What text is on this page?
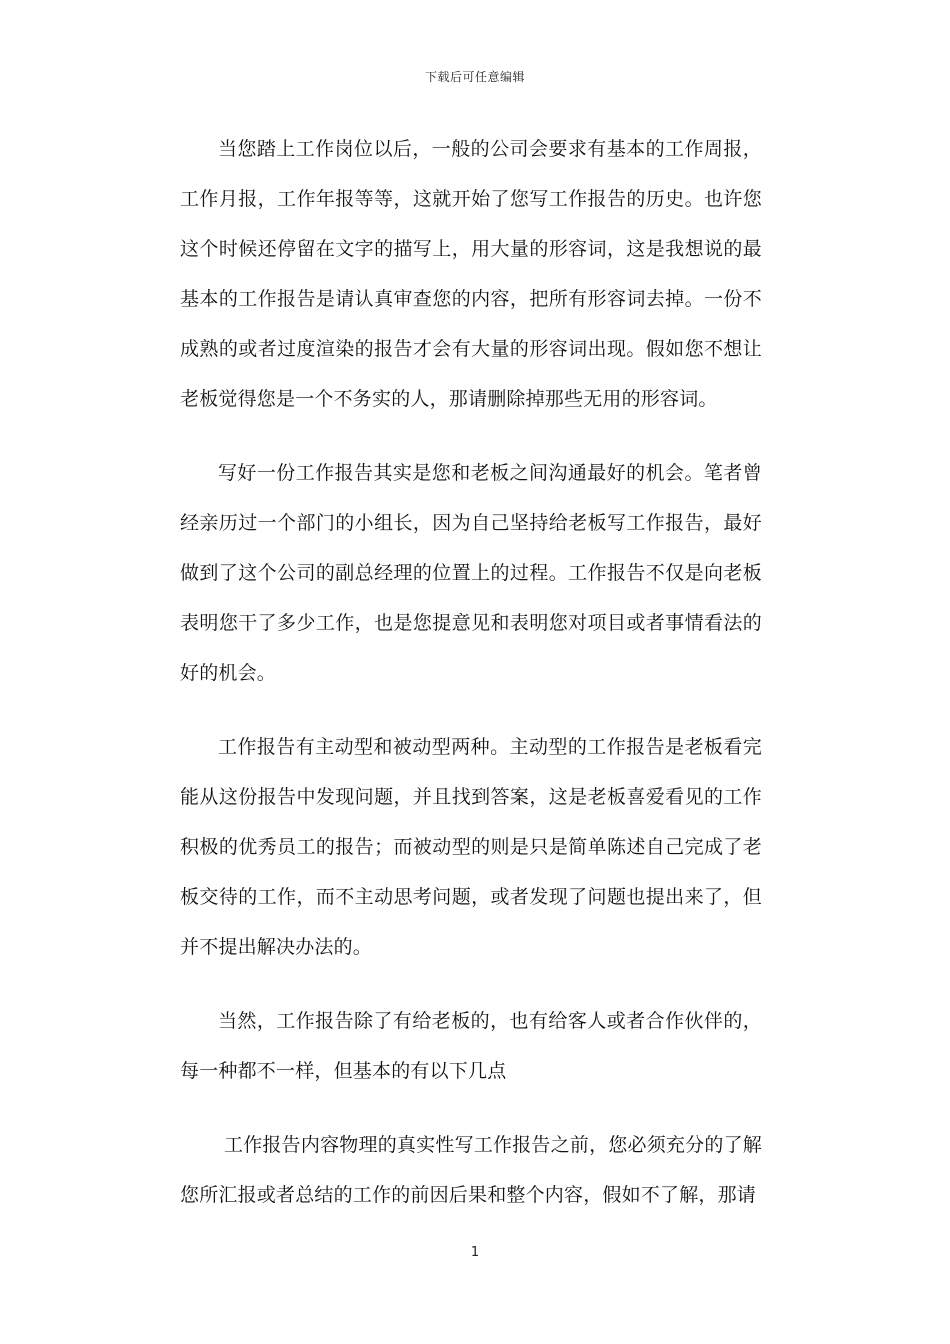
下载后可任意编辑

当您踏上工作岗位以后，一般的公司会要求有基本的工作周报，工作月报，工作年报等等，这就开始了您写工作报告的历史。也许您这个时候还停留在文字的描写上，用大量的形容词，这是我想说的最基本的工作报告是请认真审查您的内容，把所有形容词去掉。一份不成熟的或者过度渲染的报告才会有大量的形容词出现。假如您不想让老板觉得您是一个不务实的人，那请删除掉那些无用的形容词。

写好一份工作报告其实是您和老板之间沟通最好的机会。笔者曾经亲历过一个部门的小组长，因为自己坚持给老板写工作报告，最好做到了这个公司的副总经理的位置上的过程。工作报告不仅是向老板表明您干了多少工作，也是您提意见和表明您对项目或者事情看法的好的机会。

工作报告有主动型和被动型两种。主动型的工作报告是老板看完能从这份报告中发现问题，并且找到答案，这是老板喜爱看见的工作积极的优秀员工的报告；而被动型的则是只是简单陈述自己完成了老板交待的工作，而不主动思考问题，或者发现了问题也提出来了，但并不提出解决办法的。

当然，工作报告除了有给老板的，也有给客人或者合作伙伴的，每一种都不一样，但基本的有以下几点

工作报告内容物理的真实性写工作报告之前，您必须充分的了解您所汇报或者总结的工作的前因后果和整个内容，假如不了解，那请

1
